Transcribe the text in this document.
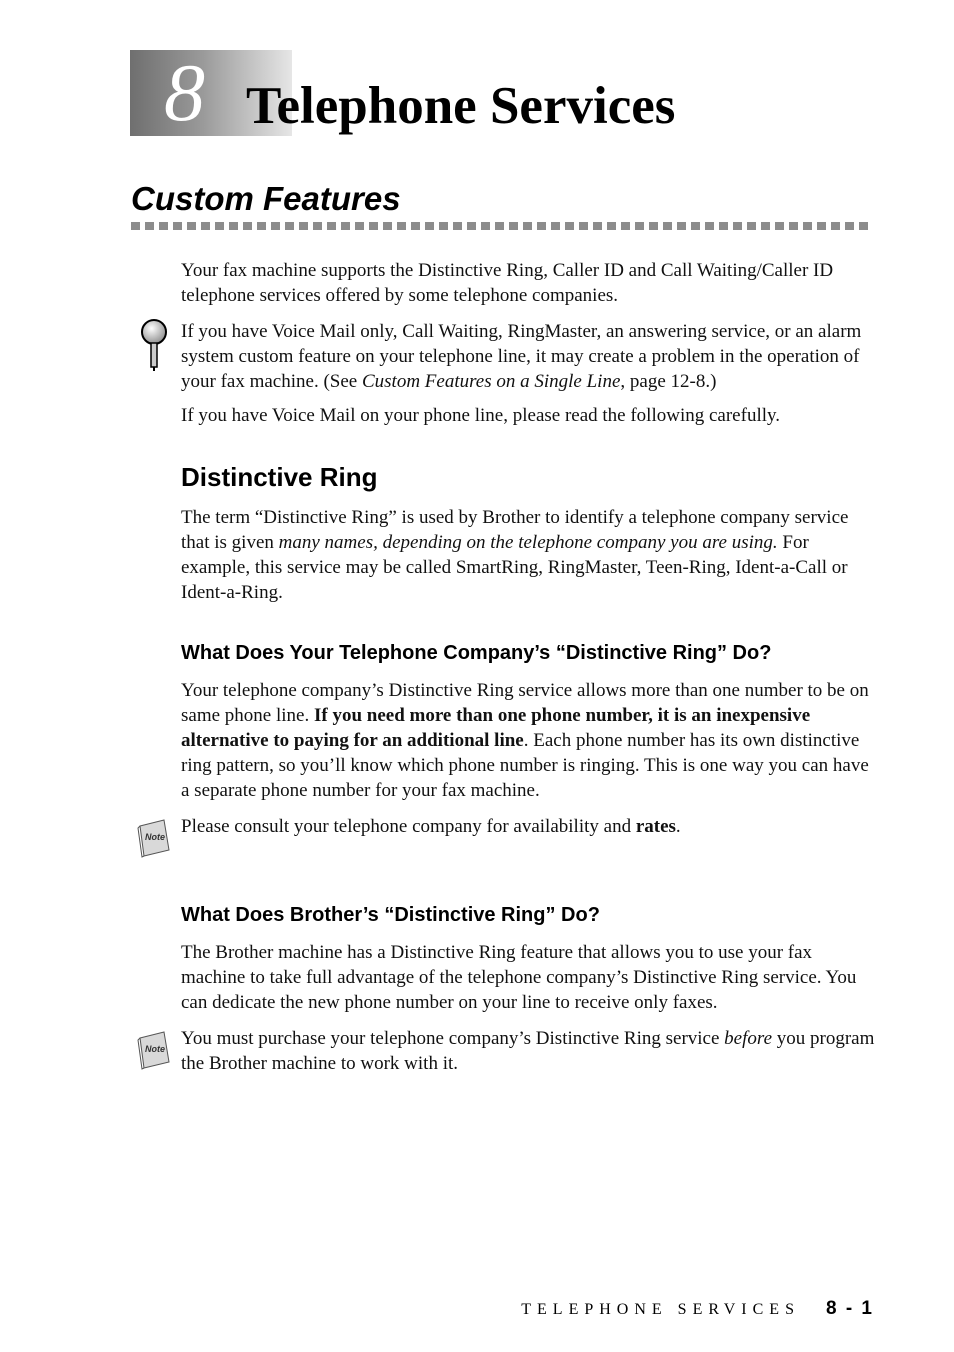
8 Telephone Services
Custom Features

Your fax machine supports the Distinctive Ring, Caller ID and Call Waiting/Caller ID telephone services offered by some telephone companies.

If you have Voice Mail only, Call Waiting, RingMaster, an answering service, or an alarm system custom feature on your telephone line, it may create a problem in the operation of your fax machine. (See Custom Features on a Single Line, page 12-8.)

If you have Voice Mail on your phone line, please read the following carefully.

Distinctive Ring

The term “Distinctive Ring” is used by Brother to identify a telephone company service that is given many names, depending on the telephone company you are using. For example, this service may be called SmartRing, RingMaster, Teen-Ring, Ident-a-Call or Ident-a-Ring.

What Does Your Telephone Company’s “Distinctive Ring” Do?

Your telephone company’s Distinctive Ring service allows more than one number to be on same phone line. If you need more than one phone number, it is an inexpensive alternative to paying for an additional line. Each phone number has its own distinctive ring pattern, so you’ll know which phone number is ringing. This is one way you can have a separate phone number for your fax machine.

Note Please consult your telephone company for availability and rates.

What Does Brother’s “Distinctive Ring” Do?

The Brother machine has a Distinctive Ring feature that allows you to use your fax machine to take full advantage of the telephone company’s Distinctive Ring service. You can dedicate the new phone number on your line to receive only faxes.

Note You must purchase your telephone company’s Distinctive Ring service before you program the Brother machine to work with it.

TELEPHONE SERVICES 8 - 1
